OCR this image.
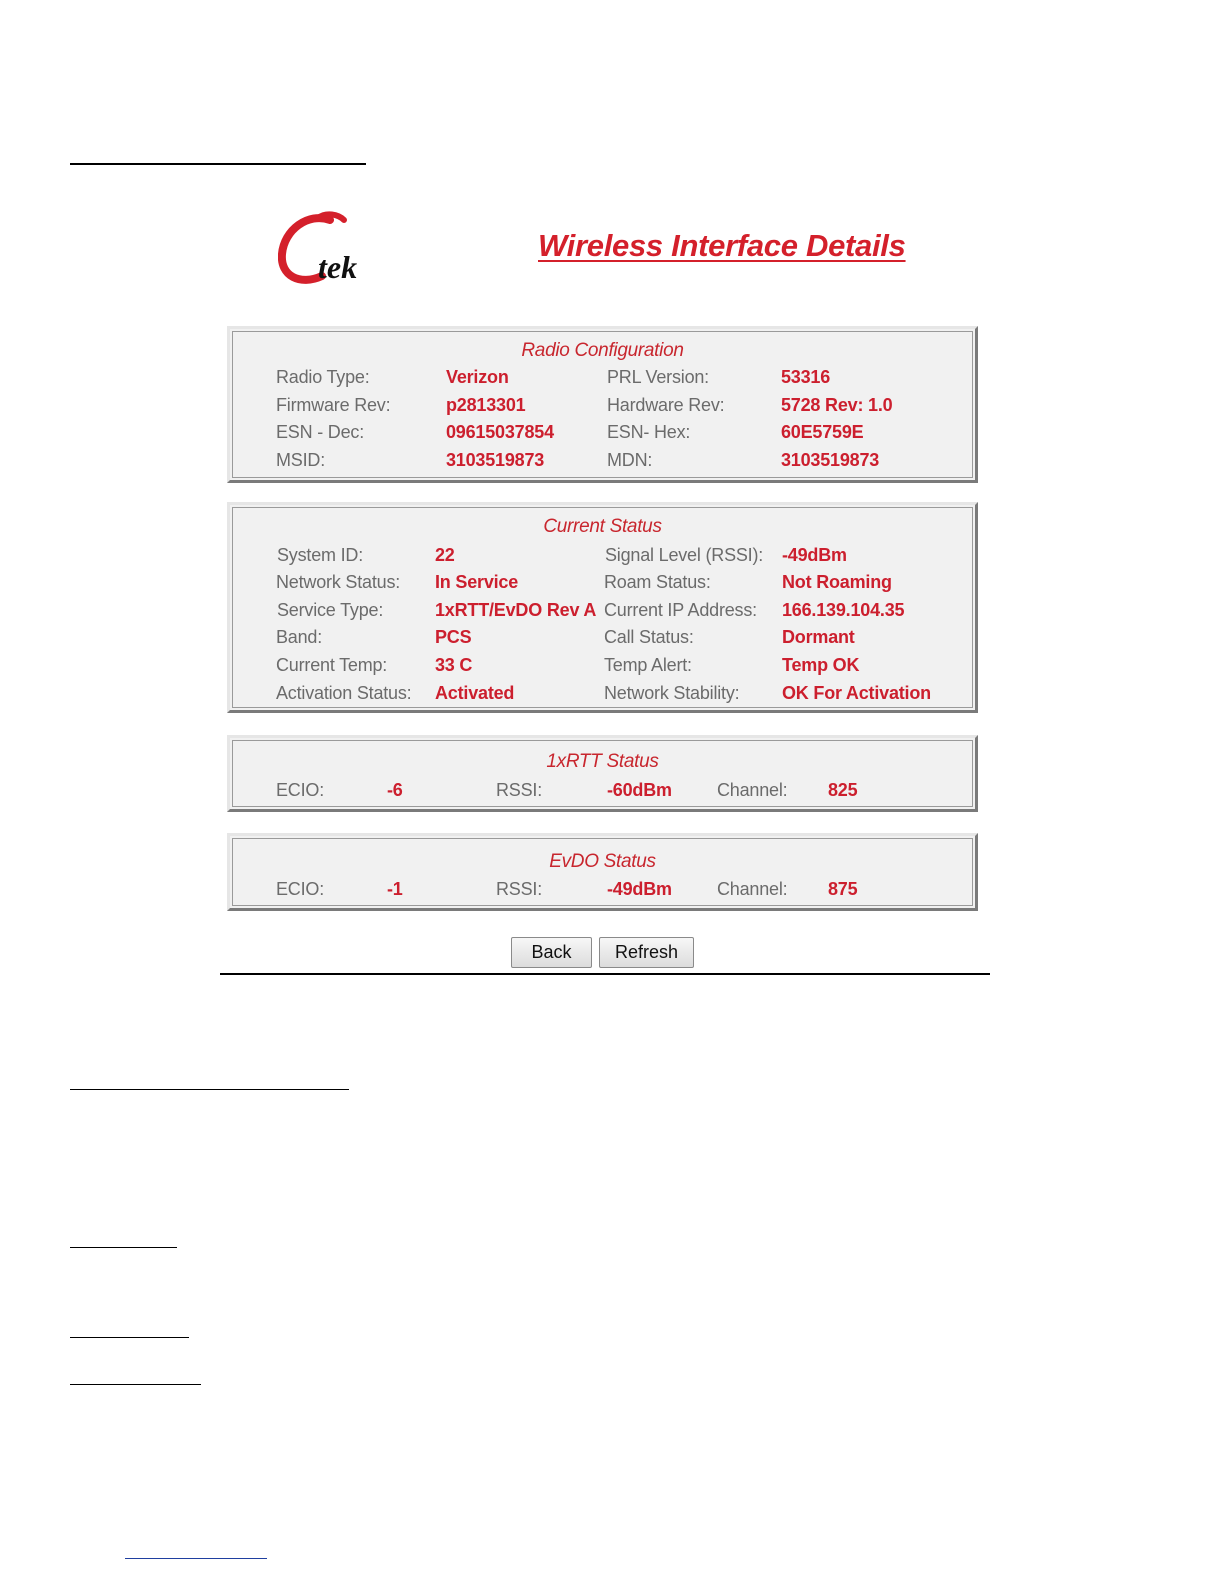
tek
Wireless Interface Details
Radio Configuration
Radio Type:	Verizon	PRL Version:	53316
Firmware Rev:	p2813301	Hardware Rev:	5728 Rev: 1.0
ESN - Dec:	09615037854	ESN- Hex:	60E5759E
MSID:	3103519873	MDN:	3103519873
Current Status
System ID:	22	Signal Level (RSSI): -49dBm
Network Status: In Service	Roam Status:	Not Roaming
Service Type:	1xRTT/EvDO Rev A Current IP Address: 166.139.104.35
Band:	PCS	Call Status:	Dormant
Current Temp:	33 C	Temp Alert:	Temp OK
Activation Status: Activated	Network Stability: OK For Activation
1xRTT Status
ECIO:	-6	RSSI:	-60dBm	Channel: 825
EvDO Status
ECIO:	-1	RSSI:	-49dBm	Channel: 875
Back	Refresh
